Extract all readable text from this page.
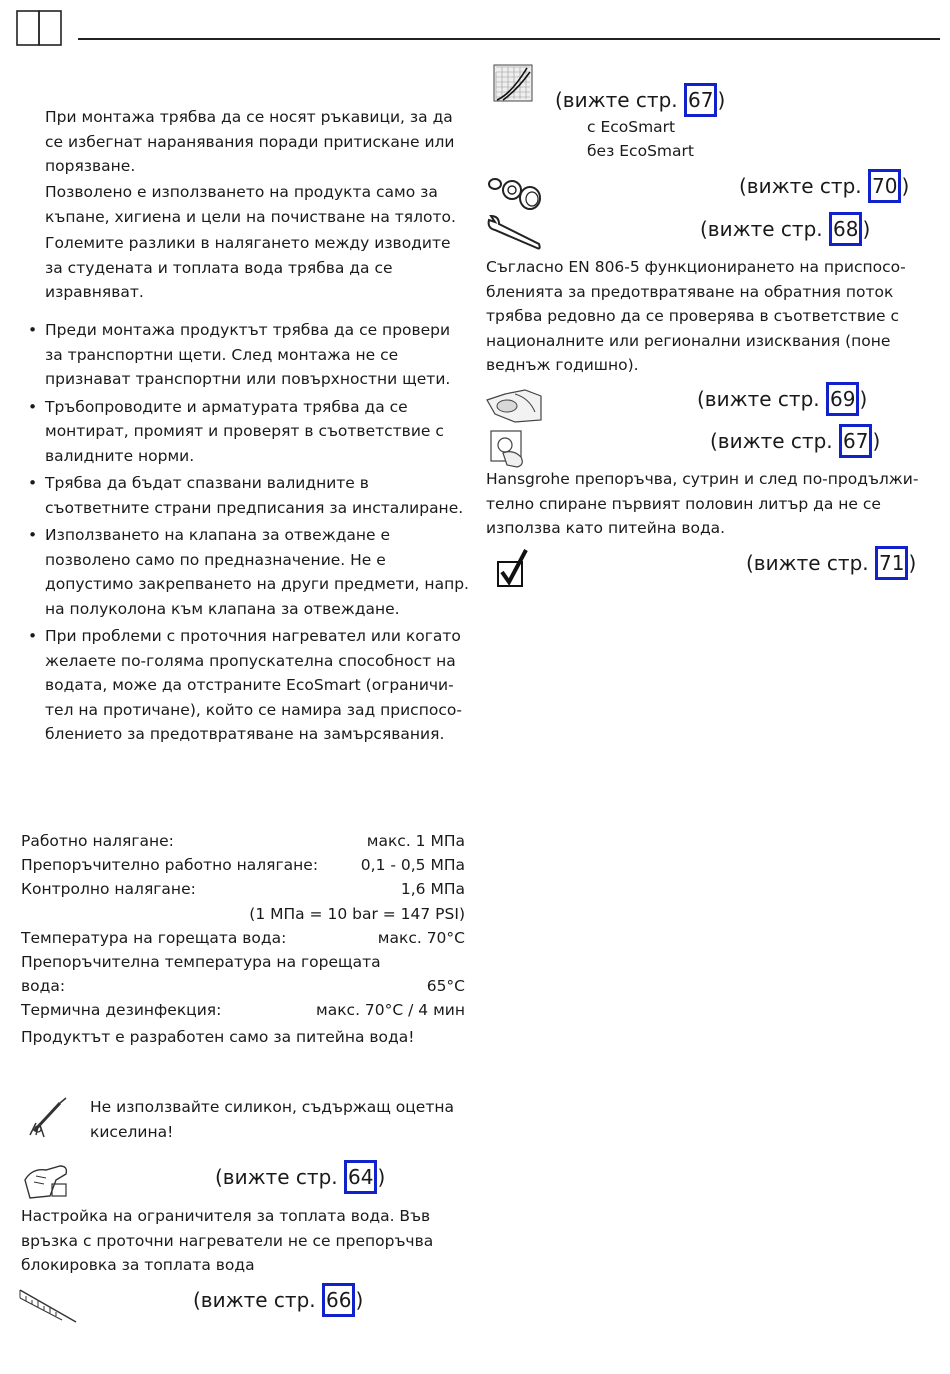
При монтажа трябва да се носят ръкавици, за да се избегнат наранявания поради притискане или порязване.
Позволено е използването на продукта само за къпане, хигиена и цели на почистване на тялото.
Големите разлики в налягането между изводите за студената и топлата вода трябва да се изравняват.
• Преди монтажа продуктът трябва да се провери за транспортни щети. След монтажа не се признават транспортни или повърхностни щети.
• Тръбопроводите и арматурата трябва да се монтират, промият и проверят в съответствие с валидните норми.
• Трябва да бъдат спазвани валидните в съответните страни предписания за инсталиране.
• Използването на клапана за отвеждане е позволено само по предназначение. Не е допустимо закрепването на други предмети, напр. на полуколона към клапана за отвеждане.
• При проблеми с проточния нагревател или когато желаете по-голяма пропускателна способност на водата, може да отстраните EcoSmart (ограничи-тел на протичане), който се намира зад приспосо-блението за предотвратяване на замърсявания.
Работно налягане:	макс. 1 МПа
Препоръчително работно налягане:	0,1 - 0,5 МПа
Контролно налягане:	1,6 МПа
(1 МПа = 10 bar = 147 PSI)
Температура на горещата вода:	макс. 70°C
Препоръчителна температура на горещата
вода:	65°C
Термична дезинфекция:	макс. 70°C / 4 мин
Продуктът е разработен само за питейна вода!
Не използвайте силикон, съдържащ оцетна киселина!
(вижте стр. 64 )
Настройка на ограничителя за топлата вода. Във връзка с проточни нагреватели не се препоръчва блокировка за топлата вода
(вижте стр. 66 )
(вижте стр. 67 )
с EcoSmart
без EcoSmart
(вижте стр. 70 )
(вижте стр. 68 )
Съгласно EN 806-5 функционирането на приспосо-бленията за предотвратяване на обратния поток трябва редовно да се проверява в съответствие с националните или регионални изисквания (поне веднъж годишно).
(вижте стр. 69 )
(вижте стр. 67 )
Hansgrohe препоръчва, сутрин и след по-продължи-телно спиране първият половин литър да не се използва като питейна вода.
(вижте стр. 71 )
